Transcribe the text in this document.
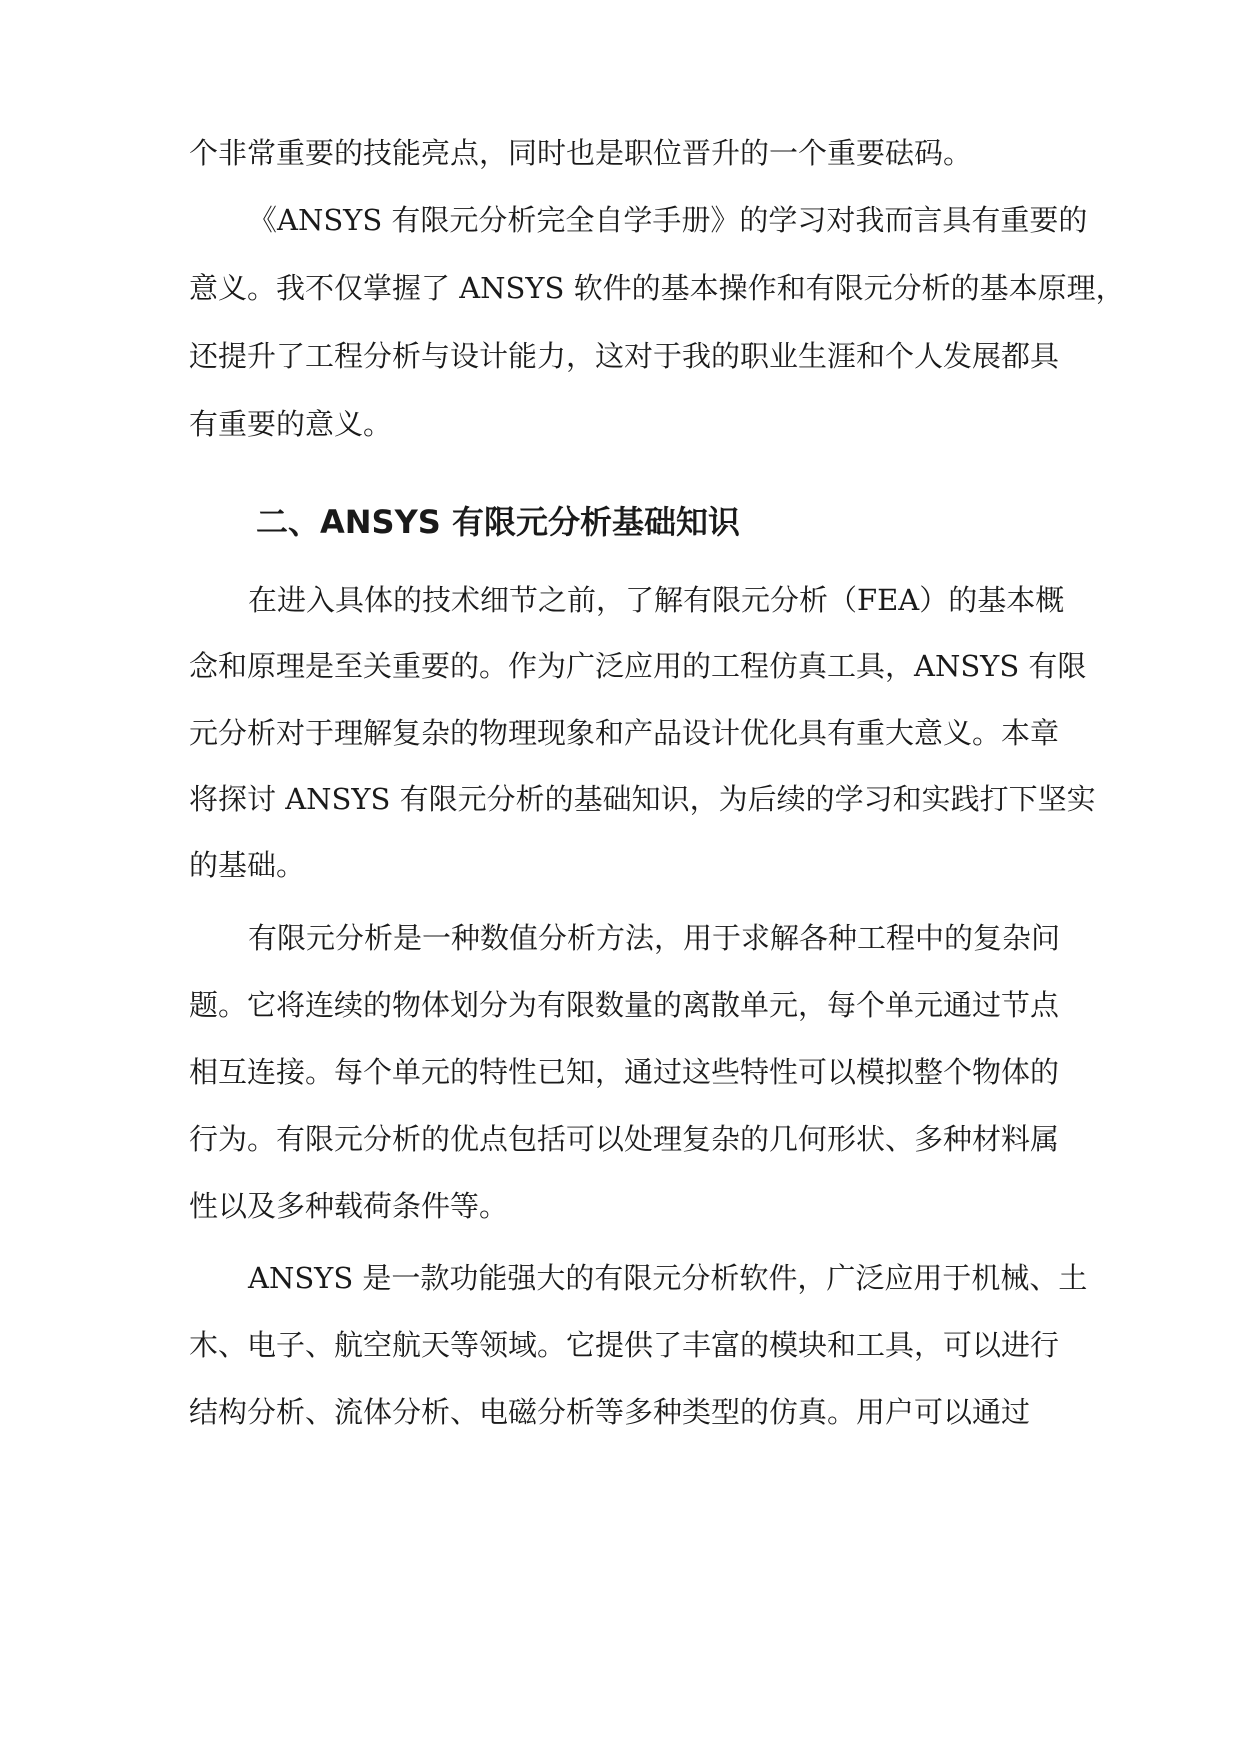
个非常重要的技能亮点，同时也是职位晋升的一个重要砝码。
《ANSYS 有限元分析完全自学手册》的学习对我而言具有重要的
意义。我不仅掌握了 ANSYS 软件的基本操作和有限元分析的基本原理，
还提升了工程分析与设计能力，这对于我的职业生涯和个人发展都具
有重要的意义。
二、ANSYS 有限元分析基础知识
在进入具体的技术细节之前，了解有限元分析（FEA）的基本概
念和原理是至关重要的。作为广泛应用的工程仿真工具，ANSYS 有限
元分析对于理解复杂的物理现象和产品设计优化具有重大意义。本章
将探讨 ANSYS 有限元分析的基础知识，为后续的学习和实践打下坚实
的基础。
有限元分析是一种数值分析方法，用于求解各种工程中的复杂问
题。它将连续的物体划分为有限数量的离散单元，每个单元通过节点
相互连接。每个单元的特性已知，通过这些特性可以模拟整个物体的
行为。有限元分析的优点包括可以处理复杂的几何形状、多种材料属
性以及多种载荷条件等。
ANSYS 是一款功能强大的有限元分析软件，广泛应用于机械、土
木、电子、航空航天等领域。它提供了丰富的模块和工具，可以进行
结构分析、流体分析、电磁分析等多种类型的仿真。用户可以通过
